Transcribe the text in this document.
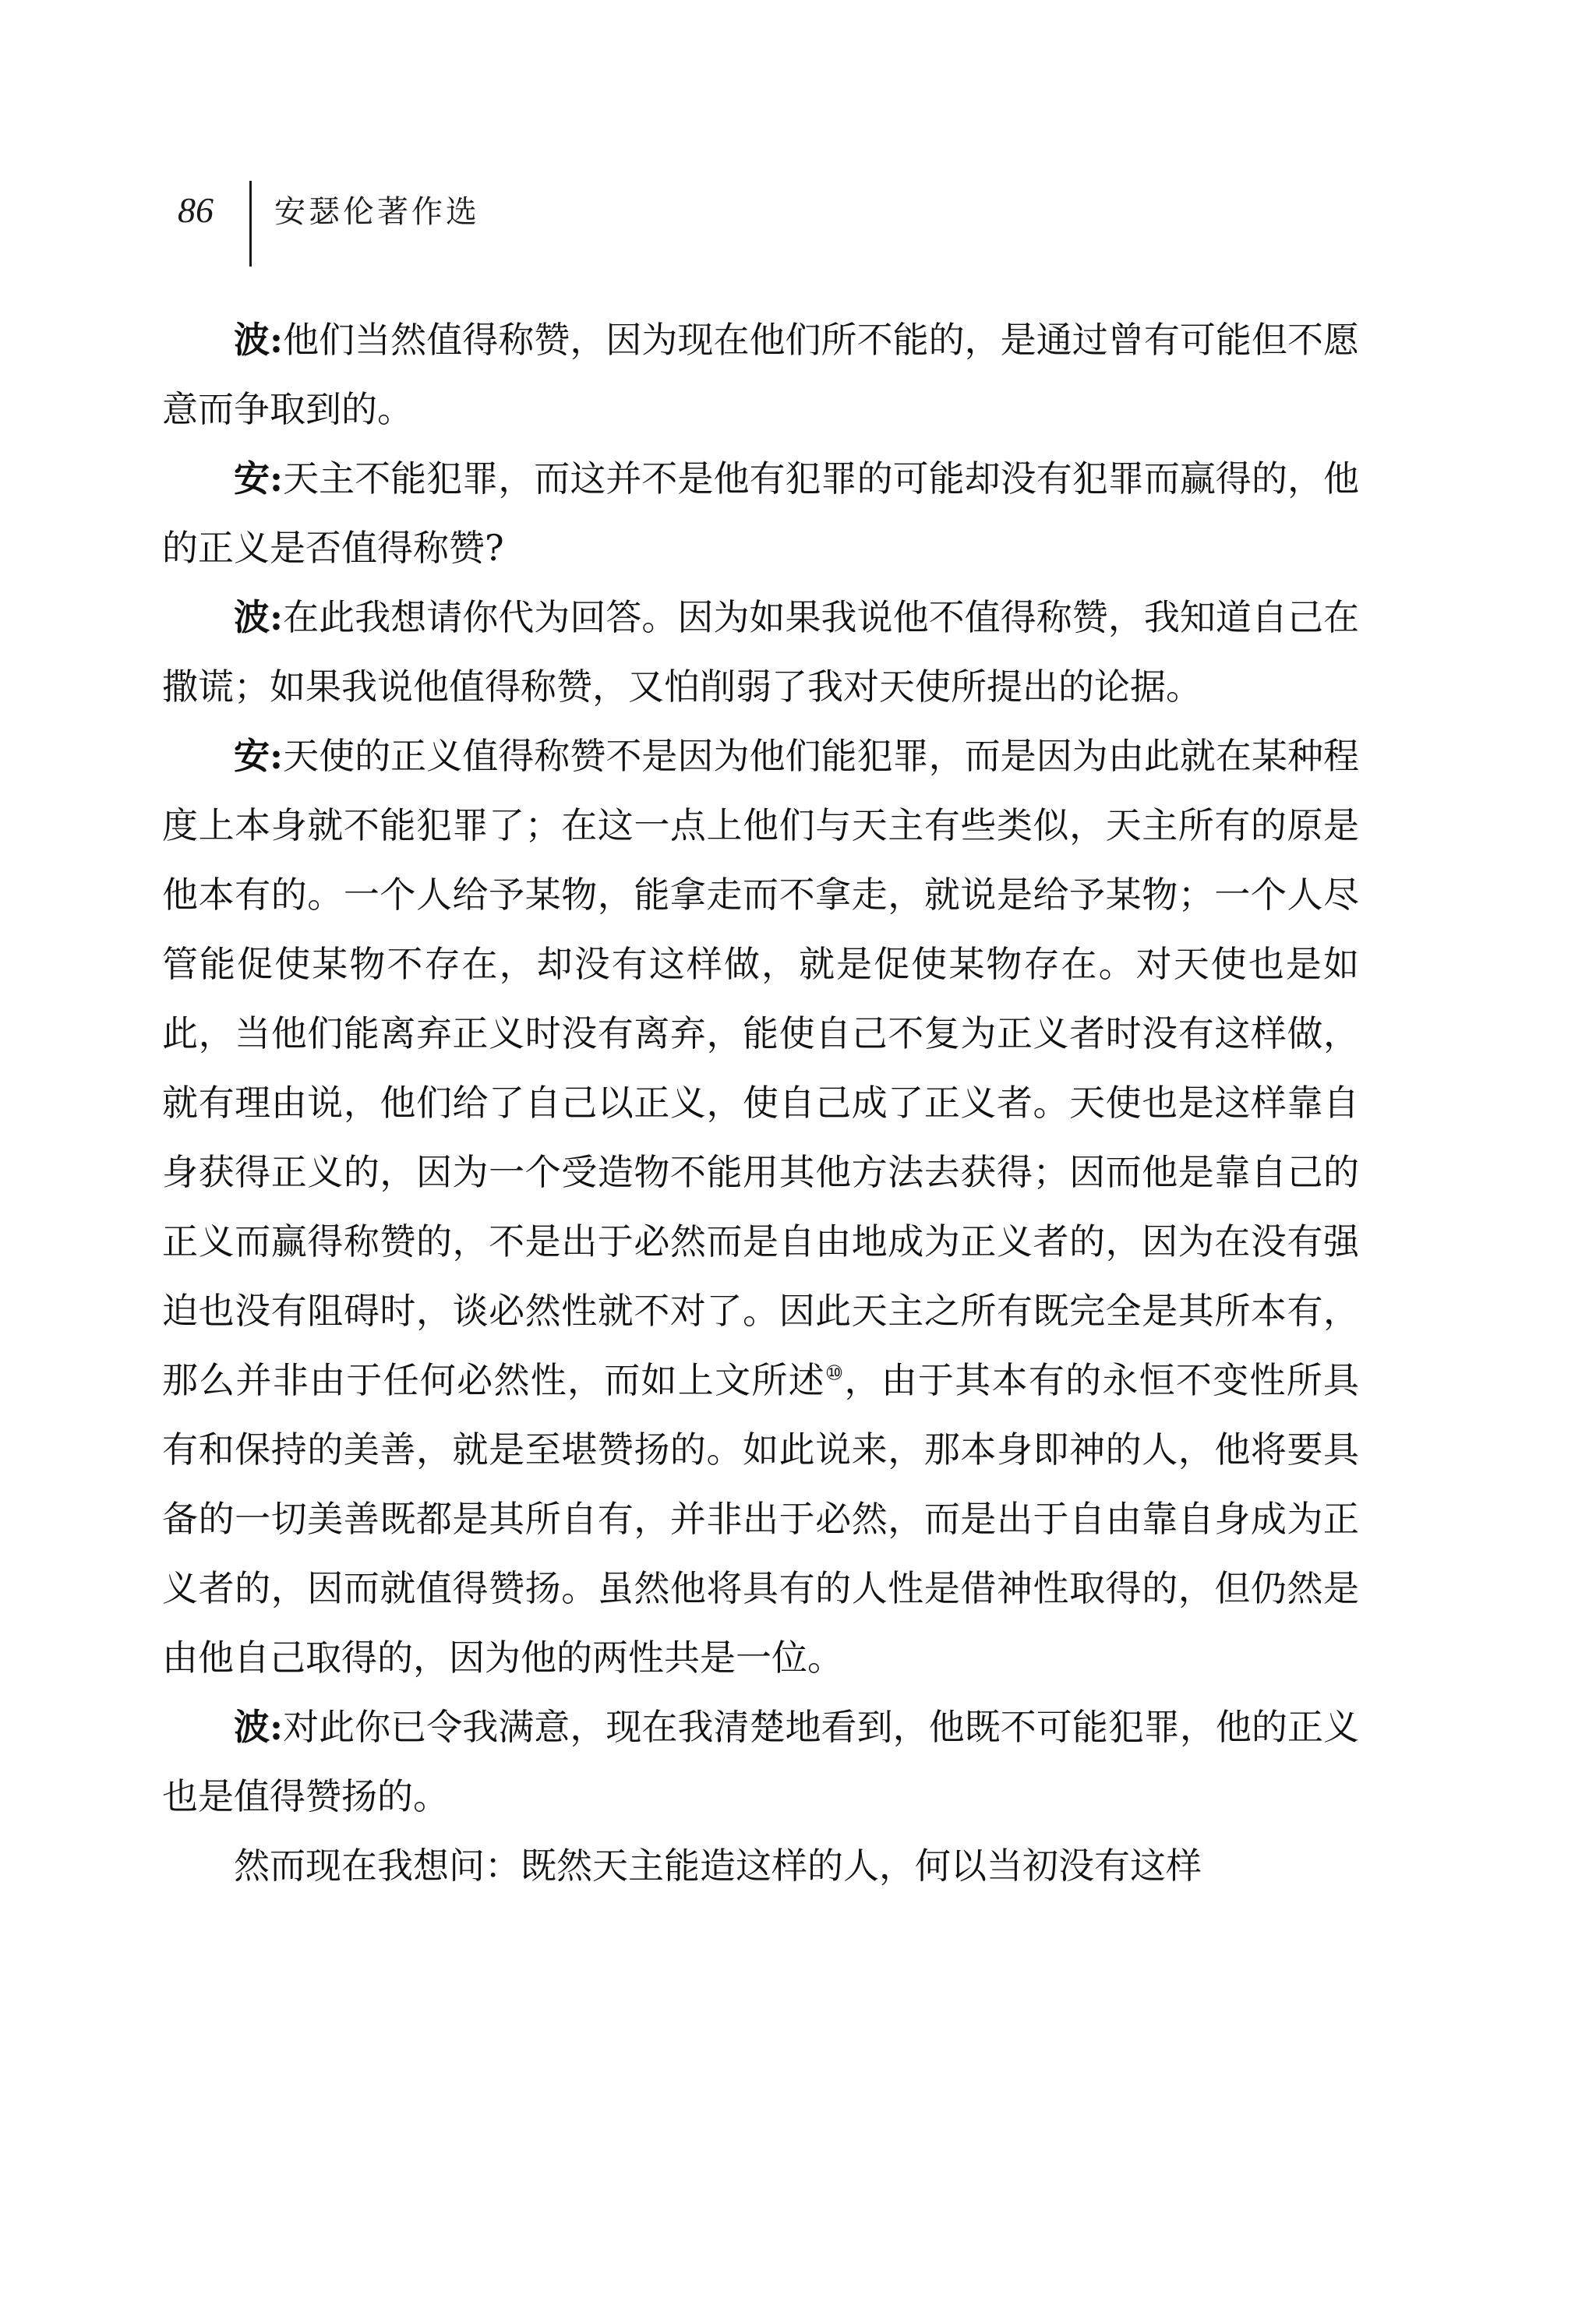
86 安瑟伦著作选

波:他们当然值得称赞，因为现在他们所不能的，是通过曾有可能但不愿意而争取到的。

安:天主不能犯罪，而这并不是他有犯罪的可能却没有犯罪而赢得的，他的正义是否值得称赞?

波:在此我想请你代为回答。因为如果我说他不值得称赞，我知道自己在撒谎；如果我说他值得称赞，又怕削弱了我对天使所提出的论据。

安:天使的正义值得称赞不是因为他们能犯罪，而是因为由此就在某种程度上本身就不能犯罪了；在这一点上他们与天主有些类似，天主所有的原是他本有的。一个人给予某物，能拿走而不拿走，就说是给予某物；一个人尽管能促使某物不存在，却没有这样做，就是促使某物存在。对天使也是如此，当他们能离弃正义时没有离弃，能使自己不复为正义者时没有这样做，就有理由说，他们给了自己以正义，使自己成了正义者。天使也是这样靠自身获得正义的，因为一个受造物不能用其他方法去获得；因而他是靠自己的正义而赢得称赞的，不是出于必然而是自由地成为正义者的，因为在没有强迫也没有阻碍时，谈必然性就不对了。因此天主之所有既完全是其所本有，那么并非由于任何必然性，而如上文所述⑩，由于其本有的永恒不变性所具有和保持的美善，就是至堪赞扬的。如此说来，那本身即神的人，他将要具备的一切美善既都是其所自有，并非出于必然，而是出于自由靠自身成为正义者的，因而就值得赞扬。虽然他将具有的人性是借神性取得的，但仍然是由他自己取得的，因为他的两性共是一位。

波:对此你已令我满意，现在我清楚地看到，他既不可能犯罪，他的正义也是值得赞扬的。

然而现在我想问：既然天主能造这样的人，何以当初没有这样
